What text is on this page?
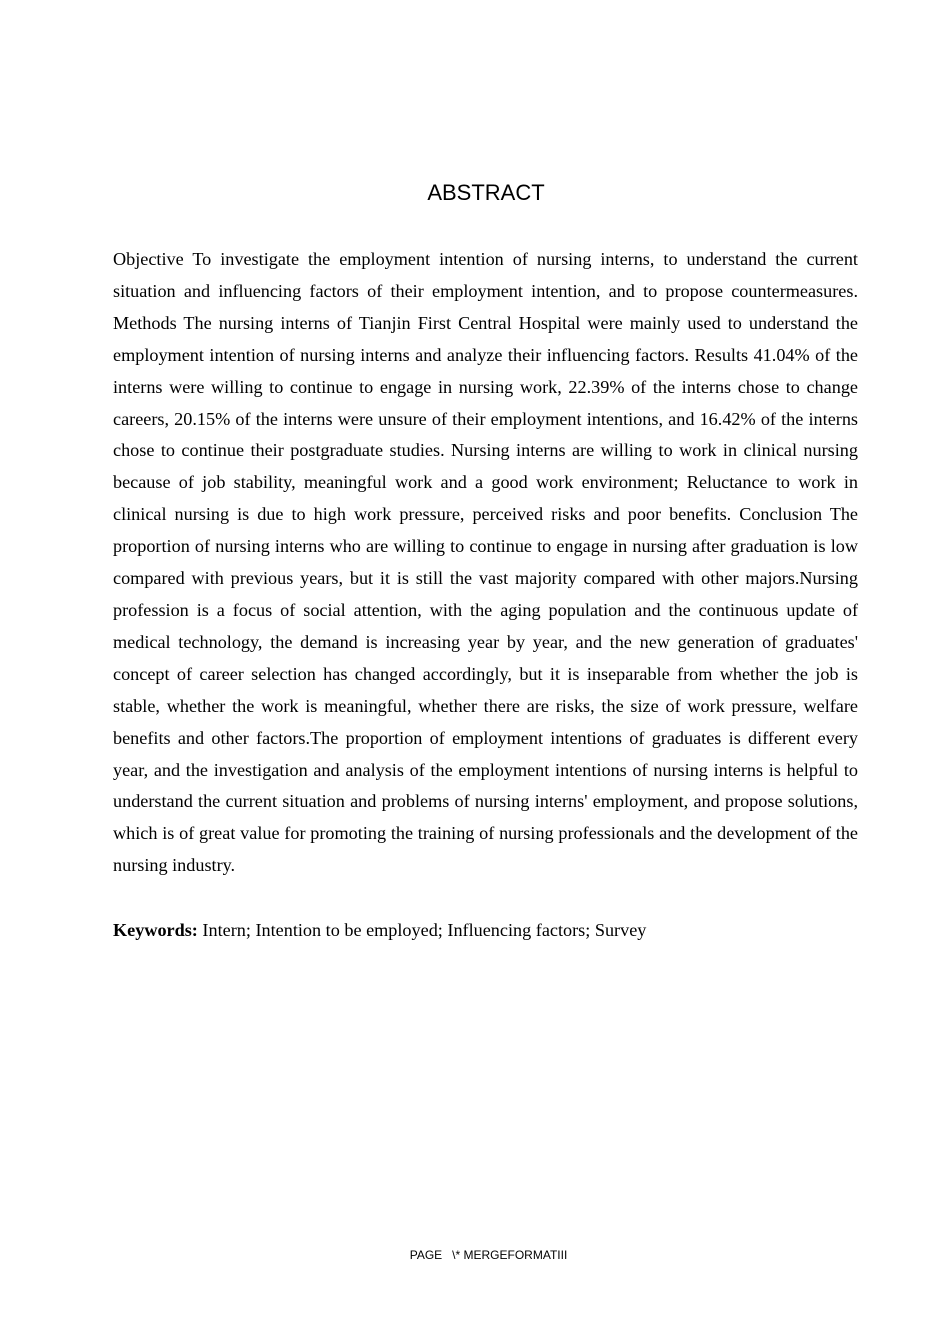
ABSTRACT

Objective To investigate the employment intention of nursing interns, to understand the current situation and influencing factors of their employment intention, and to propose countermeasures. Methods The nursing interns of Tianjin First Central Hospital were mainly used to understand the employment intention of nursing interns and analyze their influencing factors. Results 41.04% of the interns were willing to continue to engage in nursing work, 22.39% of the interns chose to change careers, 20.15% of the interns were unsure of their employment intentions, and 16.42% of the interns chose to continue their postgraduate studies. Nursing interns are willing to work in clinical nursing because of job stability, meaningful work and a good work environment; Reluctance to work in clinical nursing is due to high work pressure, perceived risks and poor benefits. Conclusion The proportion of nursing interns who are willing to continue to engage in nursing after graduation is low compared with previous years, but it is still the vast majority compared with other majors.Nursing profession is a focus of social attention, with the aging population and the continuous update of medical technology, the demand is increasing year by year, and the new generation of graduates' concept of career selection has changed accordingly, but it is inseparable from whether the job is stable, whether the work is meaningful, whether there are risks, the size of work pressure, welfare benefits and other factors.The proportion of employment intentions of graduates is different every year, and the investigation and analysis of the employment intentions of nursing interns is helpful to understand the current situation and problems of nursing interns' employment, and propose solutions, which is of great value for promoting the training of nursing professionals and the development of the nursing industry.

Keywords: Intern; Intention to be employed; Influencing factors; Survey

PAGE   \* MERGEFORMATIII
